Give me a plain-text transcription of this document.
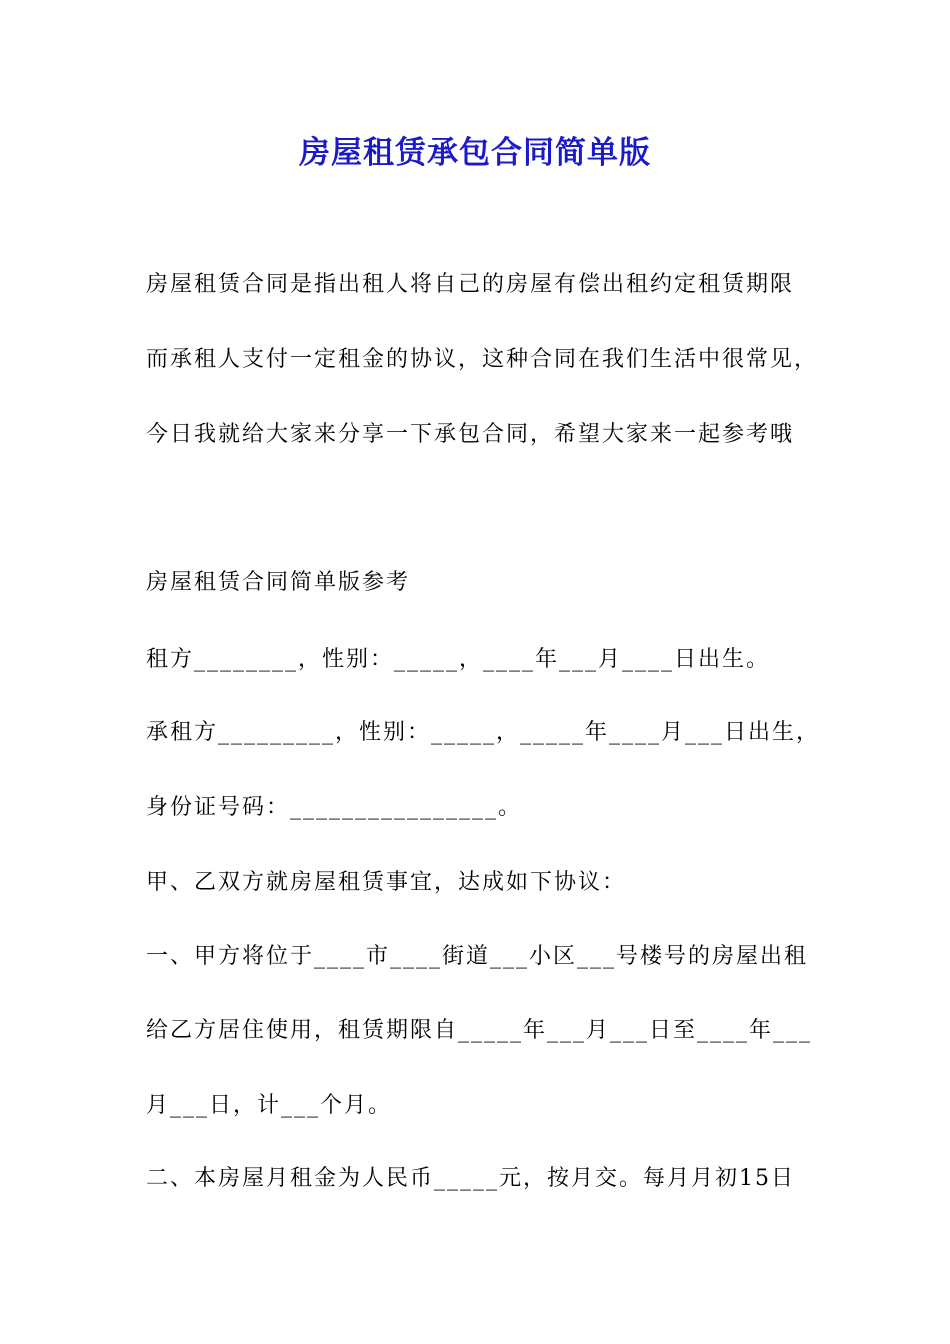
房屋租赁承包合同简单版

房屋租赁合同是指出租人将自己的房屋有偿出租约定租赁期限

而承租人支付一定租金的协议，这种合同在我们生活中很常见，

今日我就给大家来分享一下承包合同，希望大家来一起参考哦

房屋租赁合同简单版参考

租方________，性别：_____，____年___月____日出生。

承租方_________，性别：_____，_____年____月___日出生，

身份证号码：________________。

甲、乙双方就房屋租赁事宜，达成如下协议：

一、甲方将位于____市____街道___小区___号楼号的房屋出租

给乙方居住使用，租赁期限自_____年___月___日至____年___

月___日，计___个月。

二、本房屋月租金为人民币_____元，按月交。每月月初15日
